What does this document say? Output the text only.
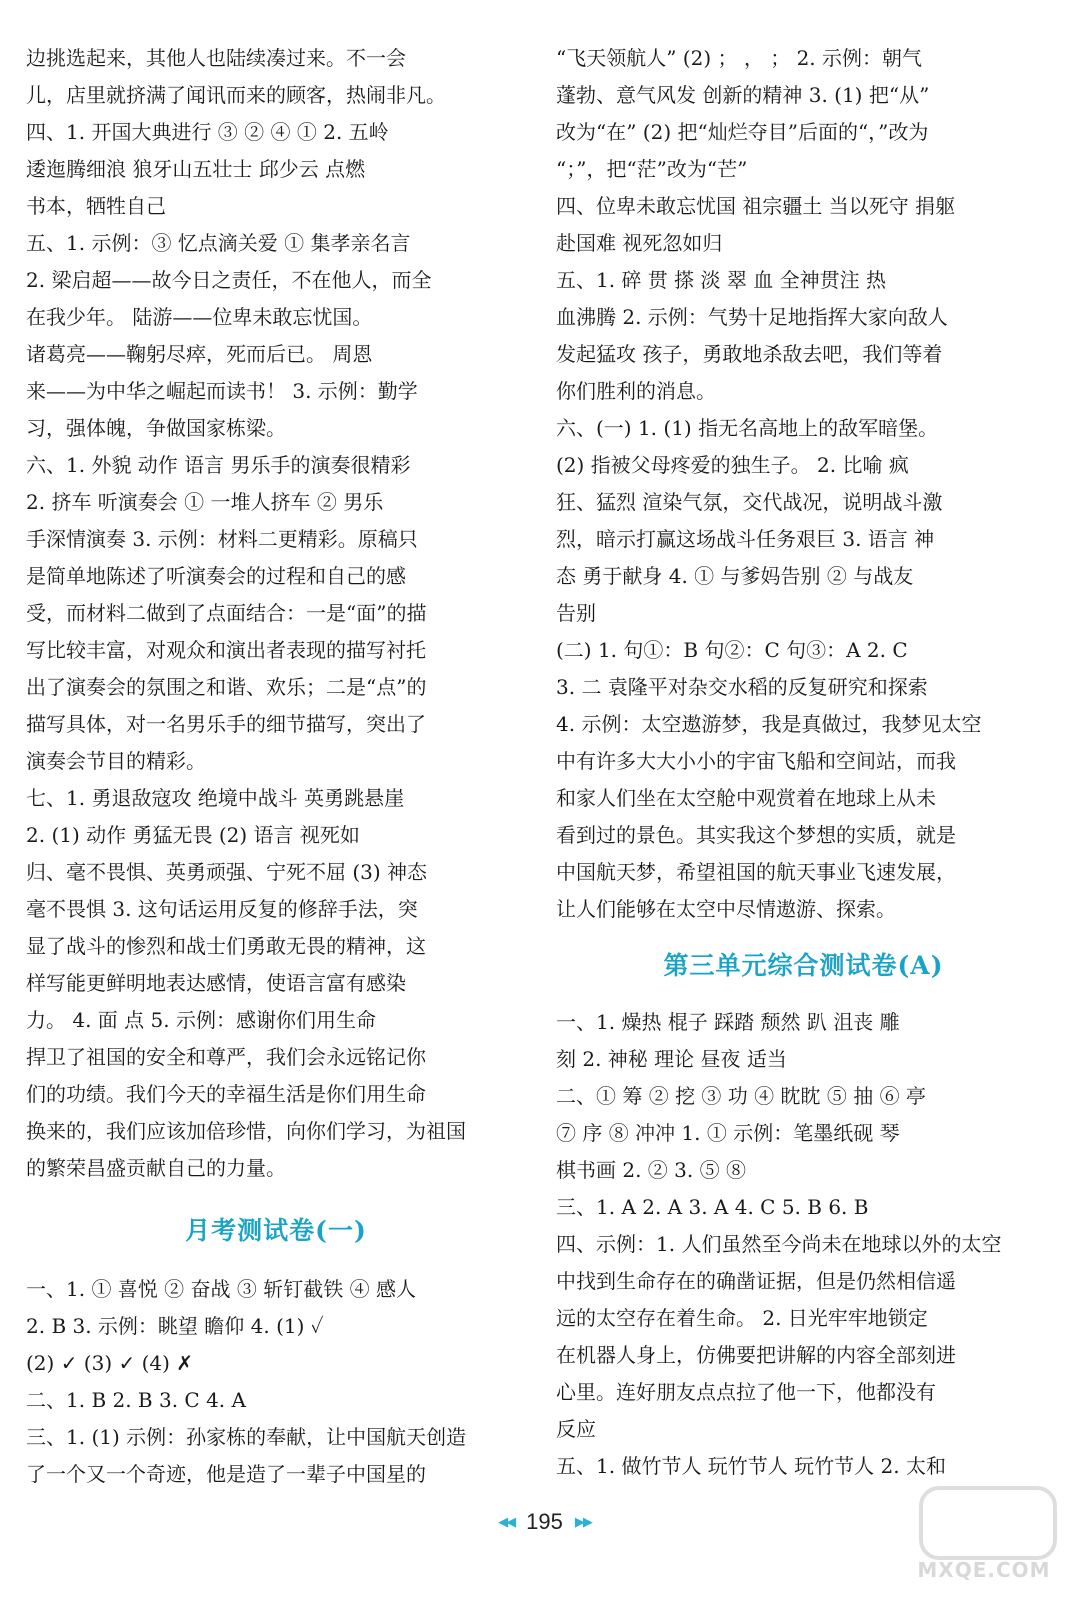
边挑选起来，其他人也陆续凑过来。不一会
儿，店里就挤满了闻讯而来的顾客，热闹非凡。
四、1. 开国大典进行 ③ ② ④ ① 2. 五岭
逶迤腾细浪 狼牙山五壮士 邱少云 点燃
书本，牺牲自己
五、1. 示例：③ 忆点滴关爱 ① 集孝亲名言
2. 梁启超——故今日之责任，不在他人，而全
在我少年。 陆游——位卑未敢忘忧国。
诸葛亮——鞠躬尽瘁，死而后已。 周恩
来——为中华之崛起而读书！ 3. 示例：勤学
习，强体魄，争做国家栋梁。
六、1. 外貌 动作 语言 男乐手的演奏很精彩
2. 挤车 听演奏会 ① 一堆人挤车 ② 男乐
手深情演奏 3. 示例：材料二更精彩。原稿只
是简单地陈述了听演奏会的过程和自己的感
受，而材料二做到了点面结合：一是“面”的描
写比较丰富，对观众和演出者表现的描写衬托
出了演奏会的氛围之和谐、欢乐；二是“点”的
描写具体，对一名男乐手的细节描写，突出了
演奏会节目的精彩。
七、1. 勇退敌寇攻 绝境中战斗 英勇跳悬崖
2. (1) 动作 勇猛无畏 (2) 语言 视死如
归、毫不畏惧、英勇顽强、宁死不屈 (3) 神态
毫不畏惧 3. 这句话运用反复的修辞手法，突
显了战斗的惨烈和战士们勇敢无畏的精神，这
样写能更鲜明地表达感情，使语言富有感染
力。 4. 面 点 5. 示例：感谢你们用生命
捍卫了祖国的安全和尊严，我们会永远铭记你
们的功绩。我们今天的幸福生活是你们用生命
换来的，我们应该加倍珍惜，向你们学习，为祖国
的繁荣昌盛贡献自己的力量。
月考测试卷(一)
一、1. ① 喜悦 ② 奋战 ③ 斩钉截铁 ④ 感人
2. B 3. 示例：眺望 瞻仰 4. (1) ✓
(2) ✓ (3) ✓ (4) ✗
二、1. B 2. B 3. C 4. A
三、1. (1) 示例：孙家栋的奉献，让中国航天创造
了一个又一个奇迹，他是造了一辈子中国星的
“飞天领航人” (2) ； ， ； 2. 示例：朝气
蓬勃、意气风发 创新的精神 3. (1) 把“从”
改为“在” (2) 把“灿烂夺目”后面的“，”改为
“；”，把“茫”改为“芒”
四、位卑未敢忘忧国 祖宗疆土 当以死守 捐躯
赴国难 视死忽如归
五、1. 碎 贯 搽 淡 翠 血 全神贯注 热
血沸腾 2. 示例：气势十足地指挥大家向敌人
发起猛攻 孩子，勇敢地杀敌去吧，我们等着
你们胜利的消息。
六、(一) 1. (1) 指无名高地上的敌军暗堡。
(2) 指被父母疼爱的独生子。 2. 比喻 疯
狂、猛烈 渲染气氛，交代战况，说明战斗激
烈，暗示打赢这场战斗任务艰巨 3. 语言 神
态 勇于献身 4. ① 与爹妈告别 ② 与战友
告别
(二) 1. 句①：B 句②：C 句③：A 2. C
3. 二 袁隆平对杂交水稻的反复研究和探索
4. 示例：太空遨游梦，我是真做过，我梦见太空
中有许多大大小小的宇宙飞船和空间站，而我
和家人们坐在太空舱中观赏着在地球上从未
看到过的景色。其实我这个梦想的实质，就是
中国航天梦，希望祖国的航天事业飞速发展，
让人们能够在太空中尽情遨游、探索。
第三单元综合测试卷(A)
一、1. 燥热 棍子 踩踏 颓然 趴 沮丧 雕
刻 2. 神秘 理论 昼夜 适当
二、① 筹 ② 挖 ③ 功 ④ 眈眈 ⑤ 抽 ⑥ 亭
⑦ 序 ⑧ 冲冲 1. ① 示例：笔墨纸砚 琴
棋书画 2. ② 3. ⑤ ⑧
三、1. A 2. A 3. A 4. C 5. B 6. B
四、示例：1. 人们虽然至今尚未在地球以外的太空
中找到生命存在的确凿证据，但是仍然相信遥
远的太空存在着生命。 2. 日光牢牢地锁定
在机器人身上，仿佛要把讲解的内容全部刻进
心里。连好朋友点点拉了他一下，他都没有
反应
五、1. 做竹节人 玩竹节人 玩竹节人 2. 太和
◀◀ 195 ▶▶
MXQE.COM
